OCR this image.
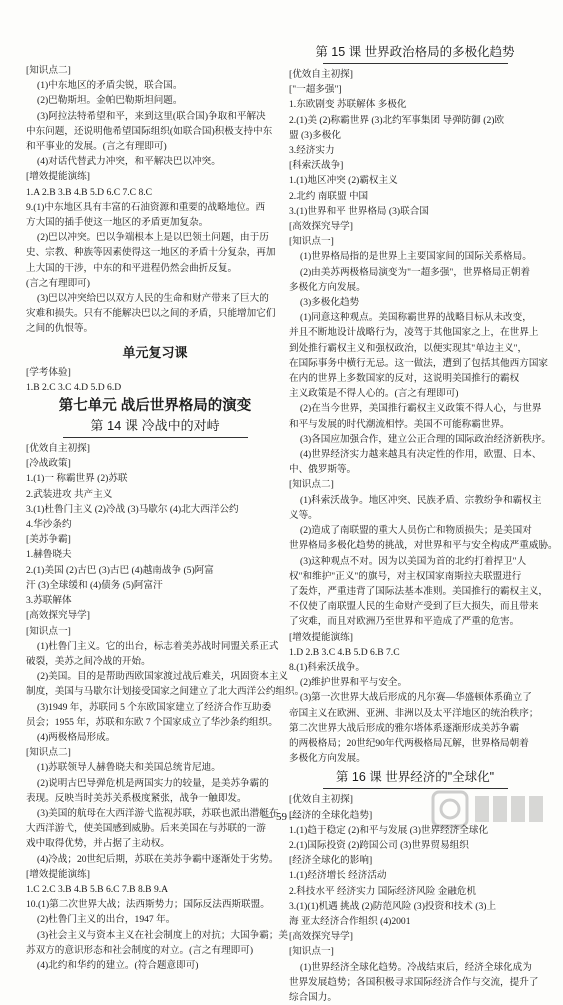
[知识点二]
(1)中东地区的矛盾尖锐，联合国。
(2)巴勒斯坦。金帕巴勒斯坦问题。
(3)阿拉法特希望和平，来到这里(联合国)争取和平解决
中东问题，还说明他希望国际组织(如联合国)积极支持中东
和平事业的发展。(言之有理即可)
(4)对话代替武力冲突，和平解决巴以冲突。
[增效提能演练]
1.A 2.B 3.B 4.B 5.D 6.C 7.C 8.C
9.(1)中东地区具有丰富的石油资源和重要的战略地位。西
方大国的插手使这一地区的矛盾更加复杂。
(2)巴以冲突。巴以争端根本上是以巴领土问题，由于历
史、宗教、种族等因素使得这一地区的矛盾十分复杂，再加
上大国的干涉，中东的和平进程仍然会曲折反复。
(言之有理即可)
(3)巴以冲突给巴以双方人民的生命和财产带来了巨大的
灾难和损失。只有不能解决巴以之间的矛盾，只能增加它们
之间的仇恨等。
单元复习课
[学考体验]
1.B 2.C 3.C 4.D 5.D 6.D
第七单元 战后世界格局的演变
第 14 课 冷战中的对峙
[优效自主初探]
[冷战政策]
1.(1)一 称霸世界 (2)苏联
2.武装进攻 共产主义
3.(1)杜鲁门主义 (2)冷战 (3)马歇尔 (4)北大西洋公约
4.华沙条约
[美苏争霸]
1.赫鲁晓夫
2.(1)美国 (2)古巴 (3)古巴 (4)越南战争 (5)阿富
汗 (3)全球缓和 (4)债务 (5)阿富汗
3.苏联解体
[高效探究导学]
[知识点一]
(1)杜鲁门主义。它的出台，标志着美苏战时同盟关系正式
破裂，美苏之间冷战的开始。
(2)美国。目的是帮助西欧国家渡过战后难关，巩固资本主义
制度，美国与马歇尔计划接受国家之间建立了北大西洋公约组织。
(3)1949 年，苏联同 5 个东欧国家建立了经济合作互助委
员会；1955 年，苏联和东欧 7 个国家成立了华沙条约组织。
(4)两极格局形成。
[知识点二]
(1)苏联领导人赫鲁晓夫和美国总统肯尼迪。
(2)说明古巴导弹危机是两国实力的较量，是美苏争霸的
表现。反映当时美苏关系极度紧张，战争一触即发。
(3)美国的航母在大西洋游弋监视苏联，苏联也派出潜艇在
大西洋游弋，使美国感到威胁。后来美国在与苏联的一游
戏中取得优势，并占据了主动权。
(4)冷战；20世纪后期，苏联在美苏争霸中逐渐处于劣势。
[增效提能演练]
1.C 2.C 3.B 4.B 5.B 6.C 7.B 8.B 9.A
10.(1)第二次世界大战；法西斯势力；国际反法西斯联盟。
(2)杜鲁门主义的出台，1947 年。
(3)社会主义与资本主义在社会制度上的对抗；大国争霸；美
苏双方的意识形态和社会制度的对立。(言之有理即可)
(4)北约和华约的建立。(符合题意即可)
第 15 课 世界政治格局的多极化趋势
[优效自主初探]
["一超多强"]
1.东欧剧变 苏联解体 多极化
2.(1)美 (2)称霸世界 (3)北约军事集团 导弹防御 (2)欧
盟 (3)多极化
3.经济实力
[科索沃战争]
1.(1)地区冲突 (2)霸权主义
2.北约 南联盟 中国
3.(1)世界和平 世界格局 (3)联合国
[高效探究导学]
[知识点一]
(1)世界格局指的是世界上主要国家间的国际关系格局。
(2)由美苏两极格局演变为"一超多强"，世界格局正朝着
多极化方向发展。
(3)多极化趋势
(1)同意这种观点。美国称霸世界的战略目标从未改变，
并且不断地设计战略行为，凌驾于其他国家之上，在世界上
到处推行霸权主义和强权政治，以便实现其"单边主义"，
在国际事务中横行无忌。这一做法，遭到了包括其他西方国家
在内的世界上多数国家的反对，这说明美国推行的霸权
主义政策是不得人心的。(言之有理即可)
(2)在当今世界，美国推行霸权主义政策不得人心，与世界
和平与发展的时代潮流相悖。美国不可能称霸世界。
(3)各国应加强合作，建立公正合理的国际政治经济新秩序。
(4)世界经济实力越来越具有决定性的作用，欧盟、日本、
中、俄罗斯等。
[知识点二]
(1)科索沃战争。地区冲突、民族矛盾、宗教纷争和霸权主
义等。
(2)造成了南联盟的重大人员伤亡和物质损失；是美国对
世界格局多极化趋势的挑战，对世界和平与安全构成严重威胁。
(3)这种观点不对。因为以美国为首的北约打着捍卫"人
权"和维护"正义"的旗号，对主权国家南斯拉夫联盟进行
了轰炸，严重违背了国际法基本准则。美国推行的霸权主义，
不仅使了南联盟人民的生命财产受到了巨大损失，而且带来
了灾难，而且对欧洲乃至世界和平造成了严重的危害。
[增效提能演练]
1.D 2.B 3.C 4.B 5.D 6.B 7.C
8.(1)科索沃战争。
(2)维护世界和平与安全。
(3)第一次世界大战后形成的凡尔赛—华盛顿体系确立了
帝国主义在欧洲、亚洲、非洲以及太平洋地区的统治秩序；
第二次世界大战后形成的雅尔塔体系逐渐形成美苏争霸
的两极格局；20世纪90年代两极格局瓦解，世界格局朝着
多极化方向发展。
第 16 课 世界经济的"全球化"
[优效自主初探]
[经济的全球化趋势]
1.(1)趋于稳定 (2)和平与发展 (3)世界经济全球化
2.(1)国际投资 (2)跨国公司 (3)世界贸易组织
[经济全球化的影响]
1.(1)经济增长 经济活动
2.科技水平 经济实力 国际经济风险 金融危机
3.(1)(1)机遇 挑战 (2)防范风险 (3)投资和技术 (3)上
海 亚太经济合作组织 (4)2001
[高效探究导学]
[知识点一]
(1)世界经济全球化趋势。冷战结束后，经济全球化成为
世界发展趋势；各国积极寻求国际经济合作与交流，提升了
综合国力。
— 59 —
